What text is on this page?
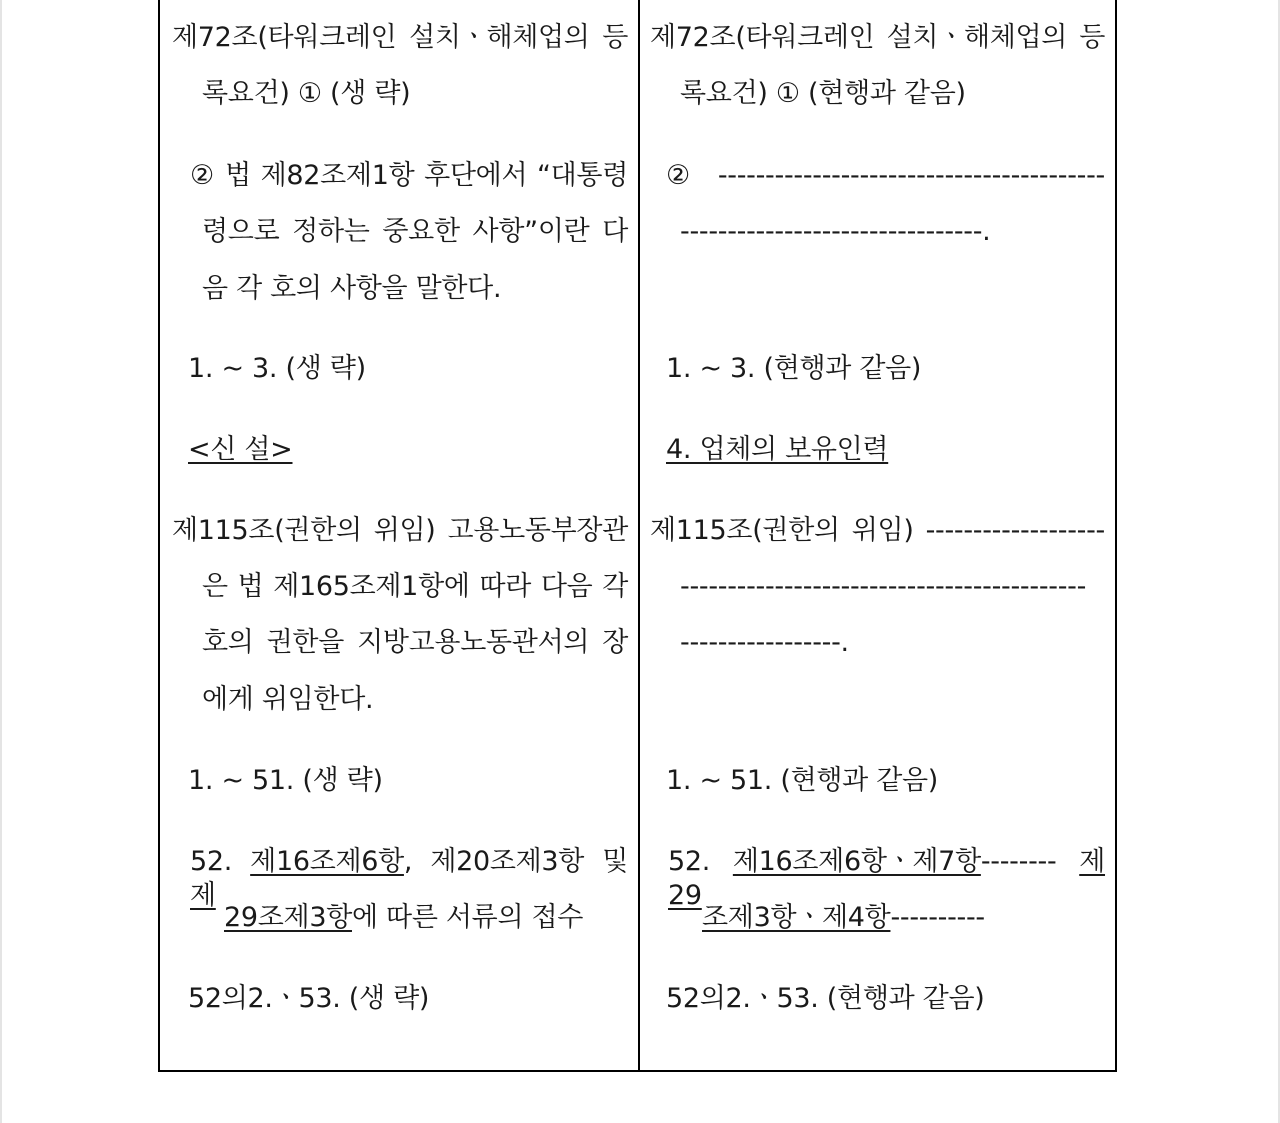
제72조(타워크레인 설치ㆍ해체업의 등
록요건) ① (생 략)
② 법 제82조제1항 후단에서 “대통령
령으로 정하는 중요한 사항”이란 다
음 각 호의 사항을 말한다.
1. ~ 3. (생 략)
<신 설>
제115조(권한의 위임) 고용노동부장관
은 법 제165조제1항에 따라 다음 각
호의 권한을 지방고용노동관서의 장
에게 위임한다.
1. ~ 51. (생 략)
52. 제16조제6항, 제20조제3항 및 제
29조제3항에 따른 서류의 접수
52의2.ㆍ53. (생 략)
제72조(타워크레인 설치ㆍ해체업의 등
록요건) ① (현행과 같음)
② -----------------------------------------
--------------------------------.
1. ~ 3. (현행과 같음)
4. 업체의 보유인력
제115조(권한의 위임) -------------------
-------------------------------------------
-----------------.
1. ~ 51. (현행과 같음)
52. 제16조제6항ㆍ제7항-------- 제29
조제3항ㆍ제4항----------
52의2.ㆍ53. (현행과 같음)
